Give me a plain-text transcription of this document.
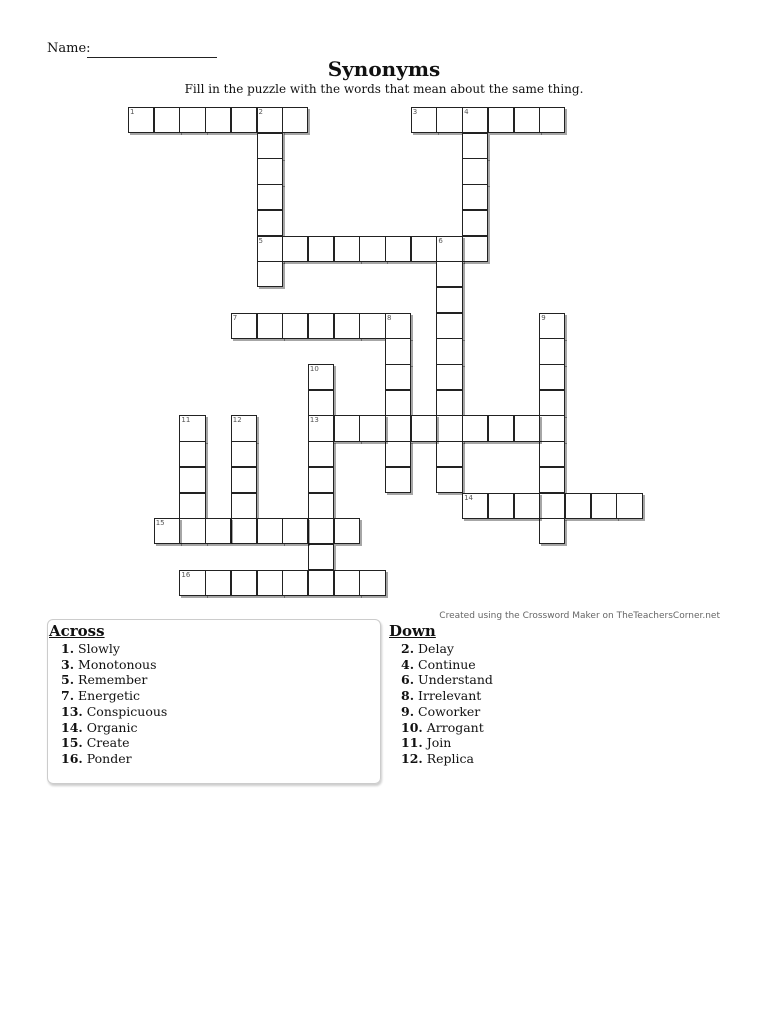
Name:
Synonyms
Fill in the puzzle with the words that mean about the same thing.
1	2
5
3	4
6
7	8	9
10
13
11	12
14
15
16
Created using the Crossword Maker on TheTeachersCorner.net
Across
1. Slowly
3. Monotonous
5. Remember
7. Energetic
13. Conspicuous
14. Organic
15. Create
16. Ponder
Down
2. Delay
4. Continue
6. Understand
8. Irrelevant
9. Coworker
10. Arrogant
11. Join
12. Replica
